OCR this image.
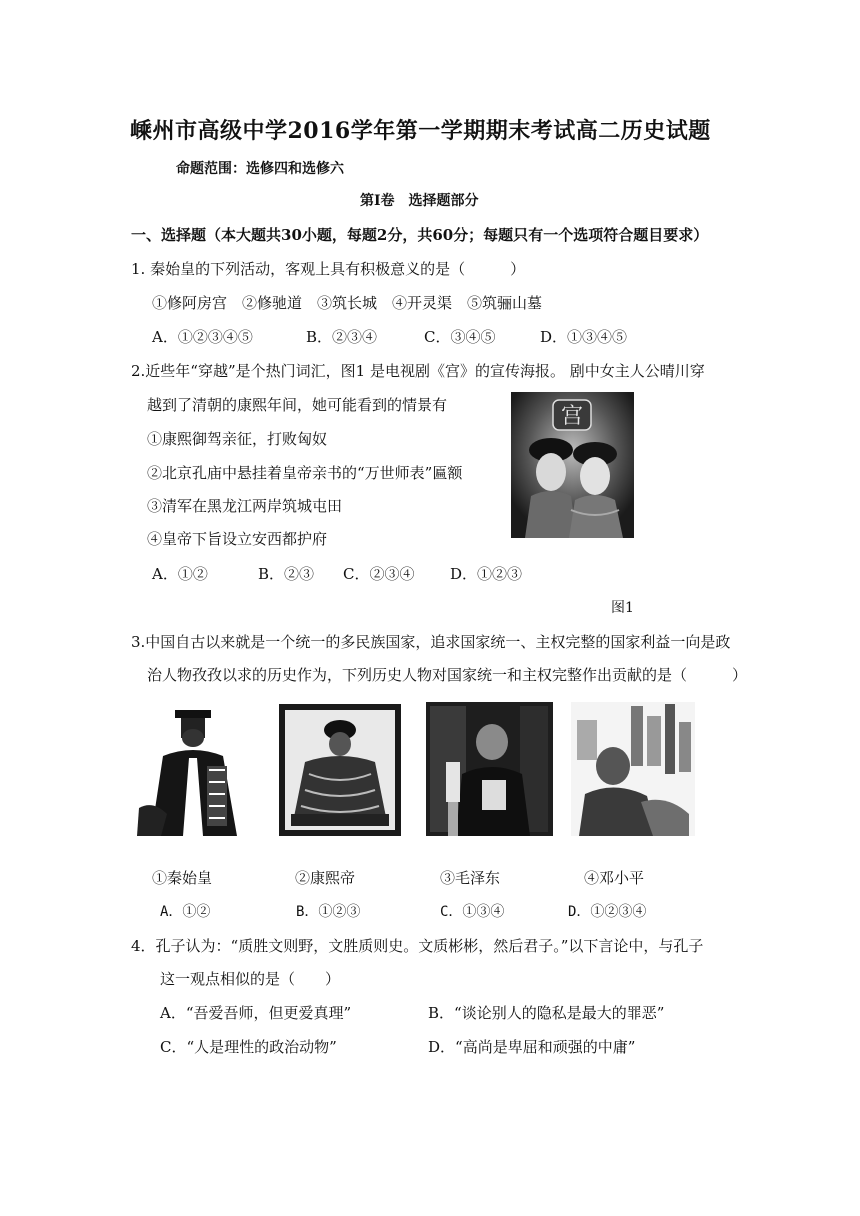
嵊州市高级中学2016学年第一学期期末考试高二历史试题
命题范围：选修四和选修六
第Ⅰ卷　选择题部分
一、选择题（本大题共30小题，每题2分，共60分；每题只有一个选项符合题目要求）
1. 秦始皇的下列活动，客观上具有积极意义的是（　　　）
①修阿房宫　②修驰道　③筑长城　④开灵渠　⑤筑骊山墓
A．①②③④⑤	B．②③④	C．③④⑤	D．①③④⑤
2.近些年“穿越”是个热门词汇，图1 是电视剧《宫》的宣传海报。 剧中女主人公晴川穿
越到了清朝的康熙年间，她可能看到的情景有
①康熙御驾亲征，打败匈奴
②北京孔庙中悬挂着皇帝亲书的“万世师表”匾额
③清军在黑龙江两岸筑城屯田
④皇帝下旨设立安西都护府
A．①②	B．②③ C．②③④ D．①②③
宫
图1
3.中国自古以来就是一个统一的多民族国家，追求国家统一、主权完整的国家利益一向是政
治人物孜孜以求的历史作为，下列历史人物对国家统一和主权完整作出贡献的是（　　　）
①秦始皇	②康熙帝	③毛泽东	④邓小平
A．①②	B．①②③	C．①③④	D．①②③④
4．孔子认为：“质胜文则野，文胜质则史。文质彬彬，然后君子。”以下言论中，与孔子
这一观点相似的是（　　）
A．“吾爱吾师，但更爱真理”	B．“谈论别人的隐私是最大的罪恶”
C．“人是理性的政治动物”	D．“高尚是卑屈和顽强的中庸”
